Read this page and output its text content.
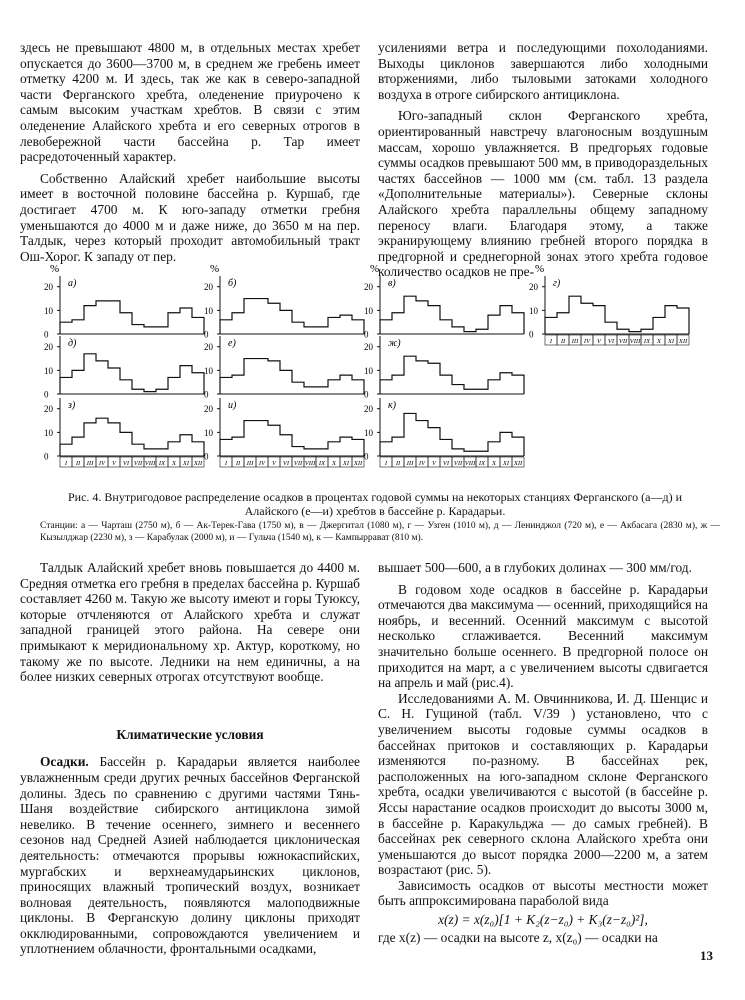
здесь не превышают 4800 м, в отдельных местах хребет опускается до 3600—3700 м, в среднем же гребень имеет отметку 4200 м. И здесь, так же как в северо-западной части Ферганского хребта, оледенение приурочено к самым высоким участкам хребтов. В связи с этим оледенение Алайского хребта и его северных отрогов в левобережной части бассейна р. Тар имеет расредоточенный характер.

Собственно Алайский хребет наибольшие высоты имеет в восточной половине бассейна р. Куршаб, где достигает 4700 м. К юго-западу отметки гребня уменьшаются до 4000 м и даже ниже, до 3650 м на пер. Талдык, через который проходит автомобильный тракт Ош-Хорог. К западу от пер.

усилениями ветра и последующими похолоданиями. Выходы циклонов завершаются либо холодными вторжениями, либо тыловыми затоками холодного воздуха в отроге сибирского антициклона.

Юго-западный склон Ферганского хребта, ориентированный навстречу влагоносным воздушным массам, хорошо увлажняется. В предгорьях годовые суммы осадков превышают 500 мм, в приводораздельных частях бассейнов — 1000 мм (см. табл. 13 раздела «Дополнительные материалы»). Северные склоны Алайского хребта параллельны общему западному переносу влаги. Благодаря этому, а также экранирующему влиянию гребней второго порядка в предгорной и среднегорной зонах этого хребта годовое количество осадков не пре-

%
0
10
20 а)
%
0
10
20 б)
%
0
10
20 в)
%
0
10
20 г)
I II III IV V VI VII VIII IX X XI XII
0
10
20 д)
0
10
20 е)
0
10
20 ж)
0
10
20 з)
I II III IV V VI VII VIII IX X XI XII
0
10
20 и)
I II III IV V VI VII VIII IX X XI XII
0
10
20 к)
I II III IV V VI VII VIII IX X XI XII
Рис. 4. Внутригодовое распределение осадков в процентах годовой суммы на некоторых станциях Ферганского (а—д) и Алайского (е—и) хребтов в бассейне р. Карадарьи.
Станции: а — Чарташ (2750 м), б — Ак-Терек-Гава (1750 м), в — Джергитал (1080 м), г — Узген (1010 м), д — Ленинджол (720 м), е — Акбасага (2830 м), ж — Кызылджар (2230 м), з — Карабулак (2000 м), и — Гульча (1540 м), к — Кампыррават (810 м).

Талдык Алайский хребет вновь повышается до 4400 м. Средняя отметка его гребня в пределах бассейна р. Куршаб составляет 4260 м. Такую же высоту имеют и горы Туюксу, которые отчленяются от Алайского хребта и служат западной границей этого района. На севере они примыкают к меридиональному хр. Актур, короткому, но такому же по высоте. Ледники на нем единичны, а на более низких северных отрогах отсутствуют вообще.

Климатические условия

Осадки. Бассейн р. Карадарьи является наиболее увлажненным среди других речных бассейнов Ферганской долины. Здесь по сравнению с другими частями Тянь-Шаня воздействие сибирского антициклона зимой невелико. В течение осеннего, зимнего и весеннего сезонов над Средней Азией наблюдается циклоническая деятельность: отмечаются прорывы южнокаспийских, мургабских и верхнеамударьинских циклонов, приносящих влажный тропический воздух, возникает волновая деятельность, появляются малоподвижные циклоны. В Ферганскую долину циклоны приходят окклюдированными, сопровождаются увеличением и уплотнением облачности, фронтальными осадками,

вышает 500—600, а в глубоких долинах — 300 мм/год.

В годовом ходе осадков в бассейне р. Карадарьи отмечаются два максимума — осенний, приходящийся на ноябрь, и весенний. Осенний максимум с высотой несколько сглаживается. Весенний максимум значительно больше осеннего. В предгорной полосе он приходится на март, а с увеличением высоты сдвигается на апрель и май (рис.4).

Исследованиями А. М. Овчинникова, И. Д. Шенцис и С. Н. Гущиной (табл. V/39 ) установлено, что с увеличением высоты годовые суммы осадков в бассейнах притоков и составляющих р. Карадарьи изменяются по-разному. В бассейнах рек, расположенных на юго-западном склоне Ферганского хребта, осадки увеличиваются с высотой (в бассейне р. Яссы нарастание осадков происходит до высоты 3000 м, в бассейне р. Каракульджа — до самых гребней). В бассейнах рек северного склона Алайского хребта они уменьшаются до высот порядка 2000—2200 м, а затем возрастают (рис. 5).

Зависимость осадков от высоты местности может быть аппроксимирована параболой вида

x(z) = x(z₀)[1 + K₂(z−z₀) + K₃(z−z₀)²],

где x(z) — осадки на высоте z, x(z₀) — осадки на

13
